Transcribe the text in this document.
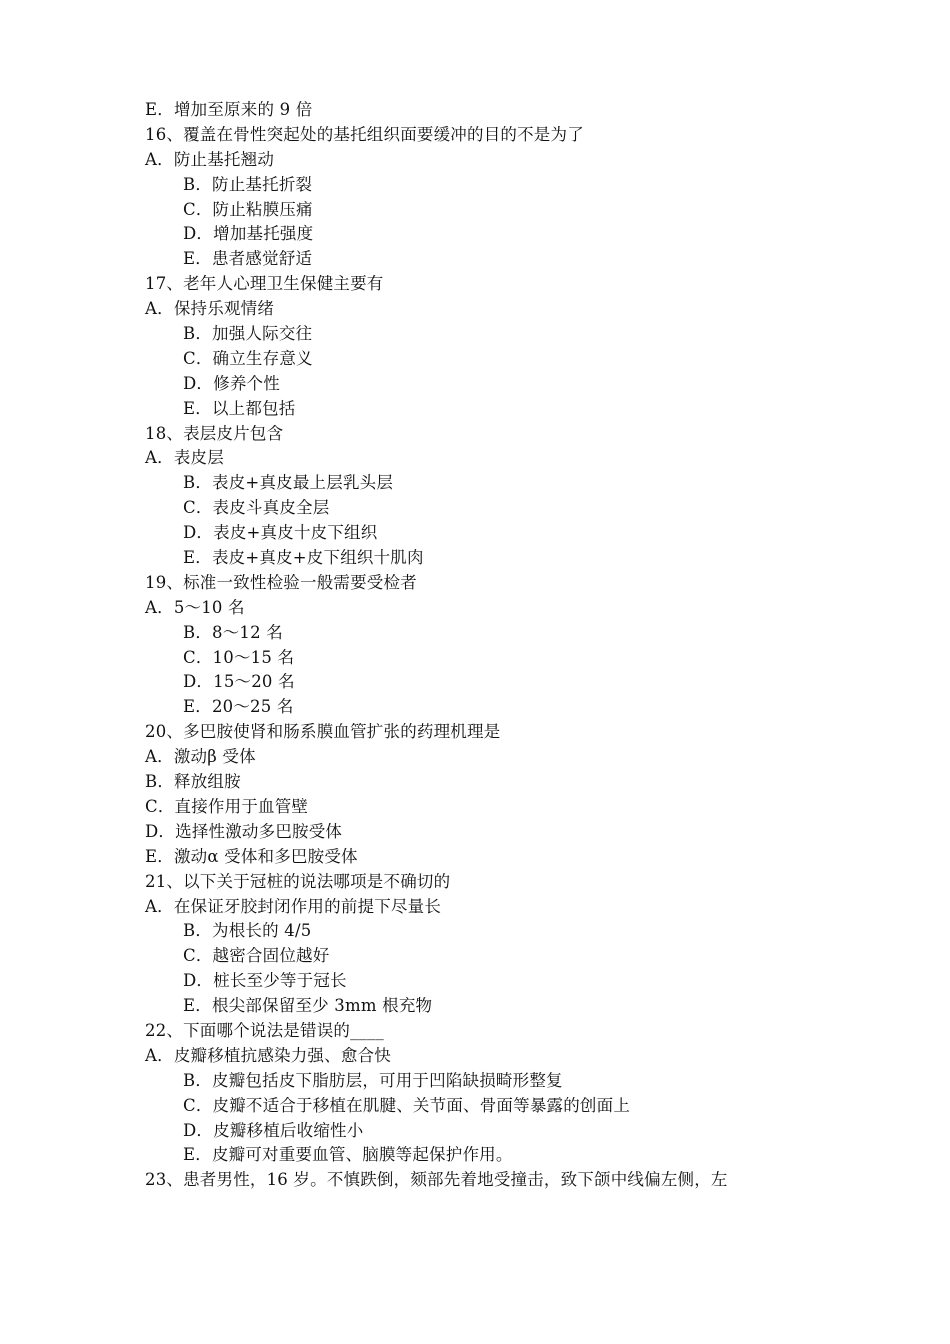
E．增加至原来的 9 倍
16、覆盖在骨性突起处的基托组织面要缓冲的目的不是为了
A．防止基托翘动
B．防止基托折裂
C．防止粘膜压痛
D．增加基托强度
E．患者感觉舒适
17、老年人心理卫生保健主要有
A．保持乐观情绪
B．加强人际交往
C．确立生存意义
D．修养个性
E．以上都包括
18、表层皮片包含
A．表皮层
B．表皮+真皮最上层乳头层
C．表皮斗真皮全层
D．表皮+真皮十皮下组织
E．表皮+真皮+皮下组织十肌肉
19、标准一致性检验一般需要受检者
A．5～10 名
B．8～12 名
C．10～15 名
D．15～20 名
E．20～25 名
20、多巴胺使肾和肠系膜血管扩张的药理机理是
A．激动β 受体
B．释放组胺
C．直接作用于血管壁
D．选择性激动多巴胺受体
E．激动α 受体和多巴胺受体
21、以下关于冠桩的说法哪项是不确切的
A．在保证牙胶封闭作用的前提下尽量长
B．为根长的 4/5
C．越密合固位越好
D．桩长至少等于冠长
E．根尖部保留至少 3mm 根充物
22、下面哪个说法是错误的____
A．皮瓣移植抗感染力强、愈合快
B．皮瓣包括皮下脂肪层，可用于凹陷缺损畸形整复
C．皮瓣不适合于移植在肌腱、关节面、骨面等暴露的创面上
D．皮瓣移植后收缩性小
E．皮瓣可对重要血管、脑膜等起保护作用。
23、患者男性，16 岁。不慎跌倒，颏部先着地受撞击，致下颌中线偏左侧，左
